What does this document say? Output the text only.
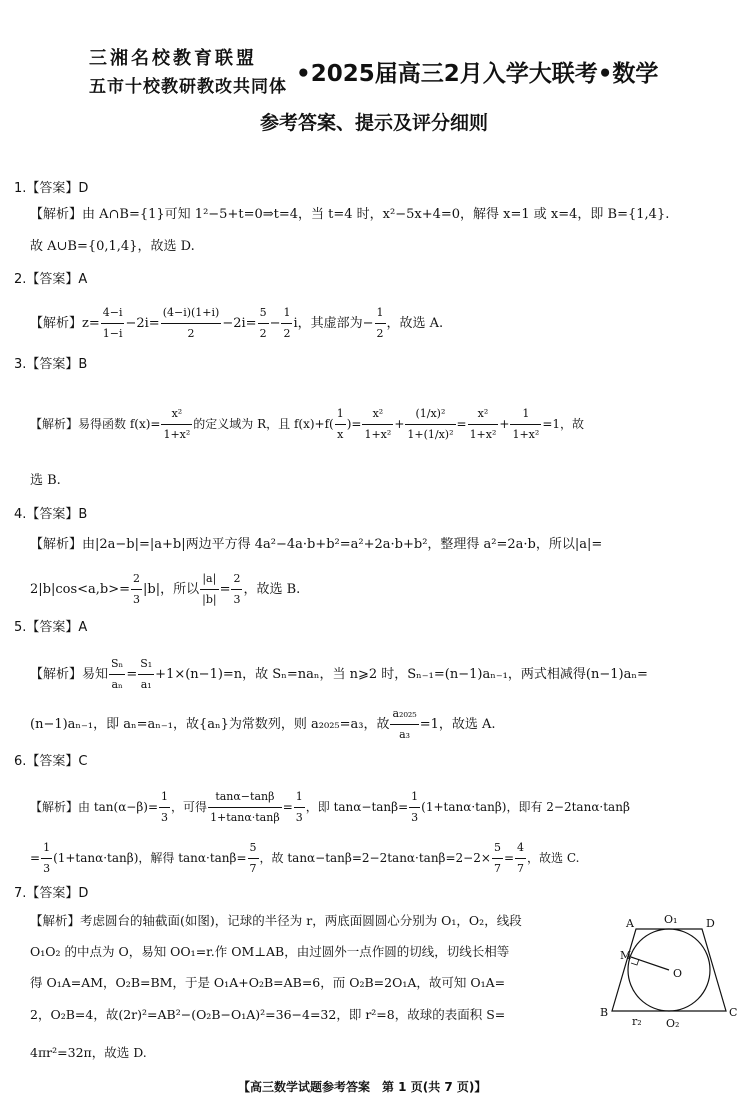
三湘名校教育联盟
五市十校教研教改共同体 •2025届高三2月入学大联考•数学
参考答案、提示及评分细则
1.【答案】D
【解析】由 A∩B={1}可知 1²−5+t=0⇒t=4，当 t=4 时，x²−5x+4=0，解得 x=1 或 x=4，即 B={1,4}.
故 A∪B={0,1,4}，故选 D.
2.【答案】A
【解析】$z= \frac{4-i}{1-i} -2i= \frac{(4-i)(1+i)}{2} -2i= \frac{5}{2} - \frac{1}{2}$ i，其虚部为− $\frac{1}{2}$ ，故选 A.
3.【答案】B
【解析】易得函数 $f(x)= \frac{\text{x²}}{\text{1+x²}}$ 的定义域为 R，且 $f(x)+f( \frac{1}{x}$ )= $\frac{\text{x²}}{\text{1+x²}} + \frac{\text{(1/x)²}}{\text{1+(1/x)²}} = \frac{\text{x²}}{\text{1+x²}} + \frac{1}{\text{1+x²}} =1$，故
选 B.
4.【答案】B
【解析】由|2a−b|=|a+b|两边平方得 4a²−4a·b+b²=a²+2a·b+b²，整理得 a²=2a·b，所以|a|=
$2|b|\cos<a,b>= \frac{2}{3} |b|$，所以 $\frac{|a|}{|b|} = \frac{2}{3}$ ，故选 B.
5.【答案】A
【解析】易知 $\frac{\text{Sₙ}}{\text{aₙ}} = \frac{\text{S₁}}{\text{a₁}} +1\times(n-1)=n$，故 Sₙ=naₙ，当 n⩾2 时，Sₙ₋₁=(n−1)aₙ₋₁，两式相减得(n−1)aₙ=
(n−1)aₙ₋₁，即 aₙ=aₙ₋₁，故{aₙ}为常数列，则 a₂₀₂₅=a₃，故 $\frac{\text{a₂₀₂₅}}{\text{a₃}} =1$，故选 A.
6.【答案】C
【解析】由 $\tan(\alpha-\beta)= \frac{1}{3}$ ，可得 $\frac{\tan\alpha-\tan\beta}{1+\tan\alpha\cdot\tan\beta} = \frac{1}{3}$ ，即 $\tan\alpha-\tan\beta= \frac{1}{3} (1+\tan\alpha\cdot\tan\beta)$，即有 2−2tanα·tanβ
= $\frac{1}{3} (1+\tan\alpha\cdot\tan\beta)$，解得 $\tan\alpha\cdot\tan\beta= \frac{5}{7}$ ，故 $\tan\alpha-\tan\beta=2-2\tan\alpha\cdot\tan\beta=2-2\times \frac{5}{7} = \frac{4}{7}$ ，故选 C.
7.【答案】D
【解析】考虑圆台的轴截面(如图)，记球的半径为 r，两底面圆圆心分别为 O₁，O₂，线段
O₁O₂ 的中点为 O，易知 OO₁=r.作 OM⊥AB，由过圆外一点作圆的切线，切线长相等
得 O₁A=AM，O₂B=BM，于是 O₁A+O₂B=AB=6，而 O₂B=2O₁A，故可知 O₁A=
2，O₂B=4，故(2r)²=AB²−(O₂B−O₁A)²=36−4=32，即 r²=8，故球的表面积 S=
4πr²=32π，故选 D.
A	D
O₁
M
O
B
r₂ O₂
C
【高三数学试题参考答案　第 1 页(共 7 页)】
